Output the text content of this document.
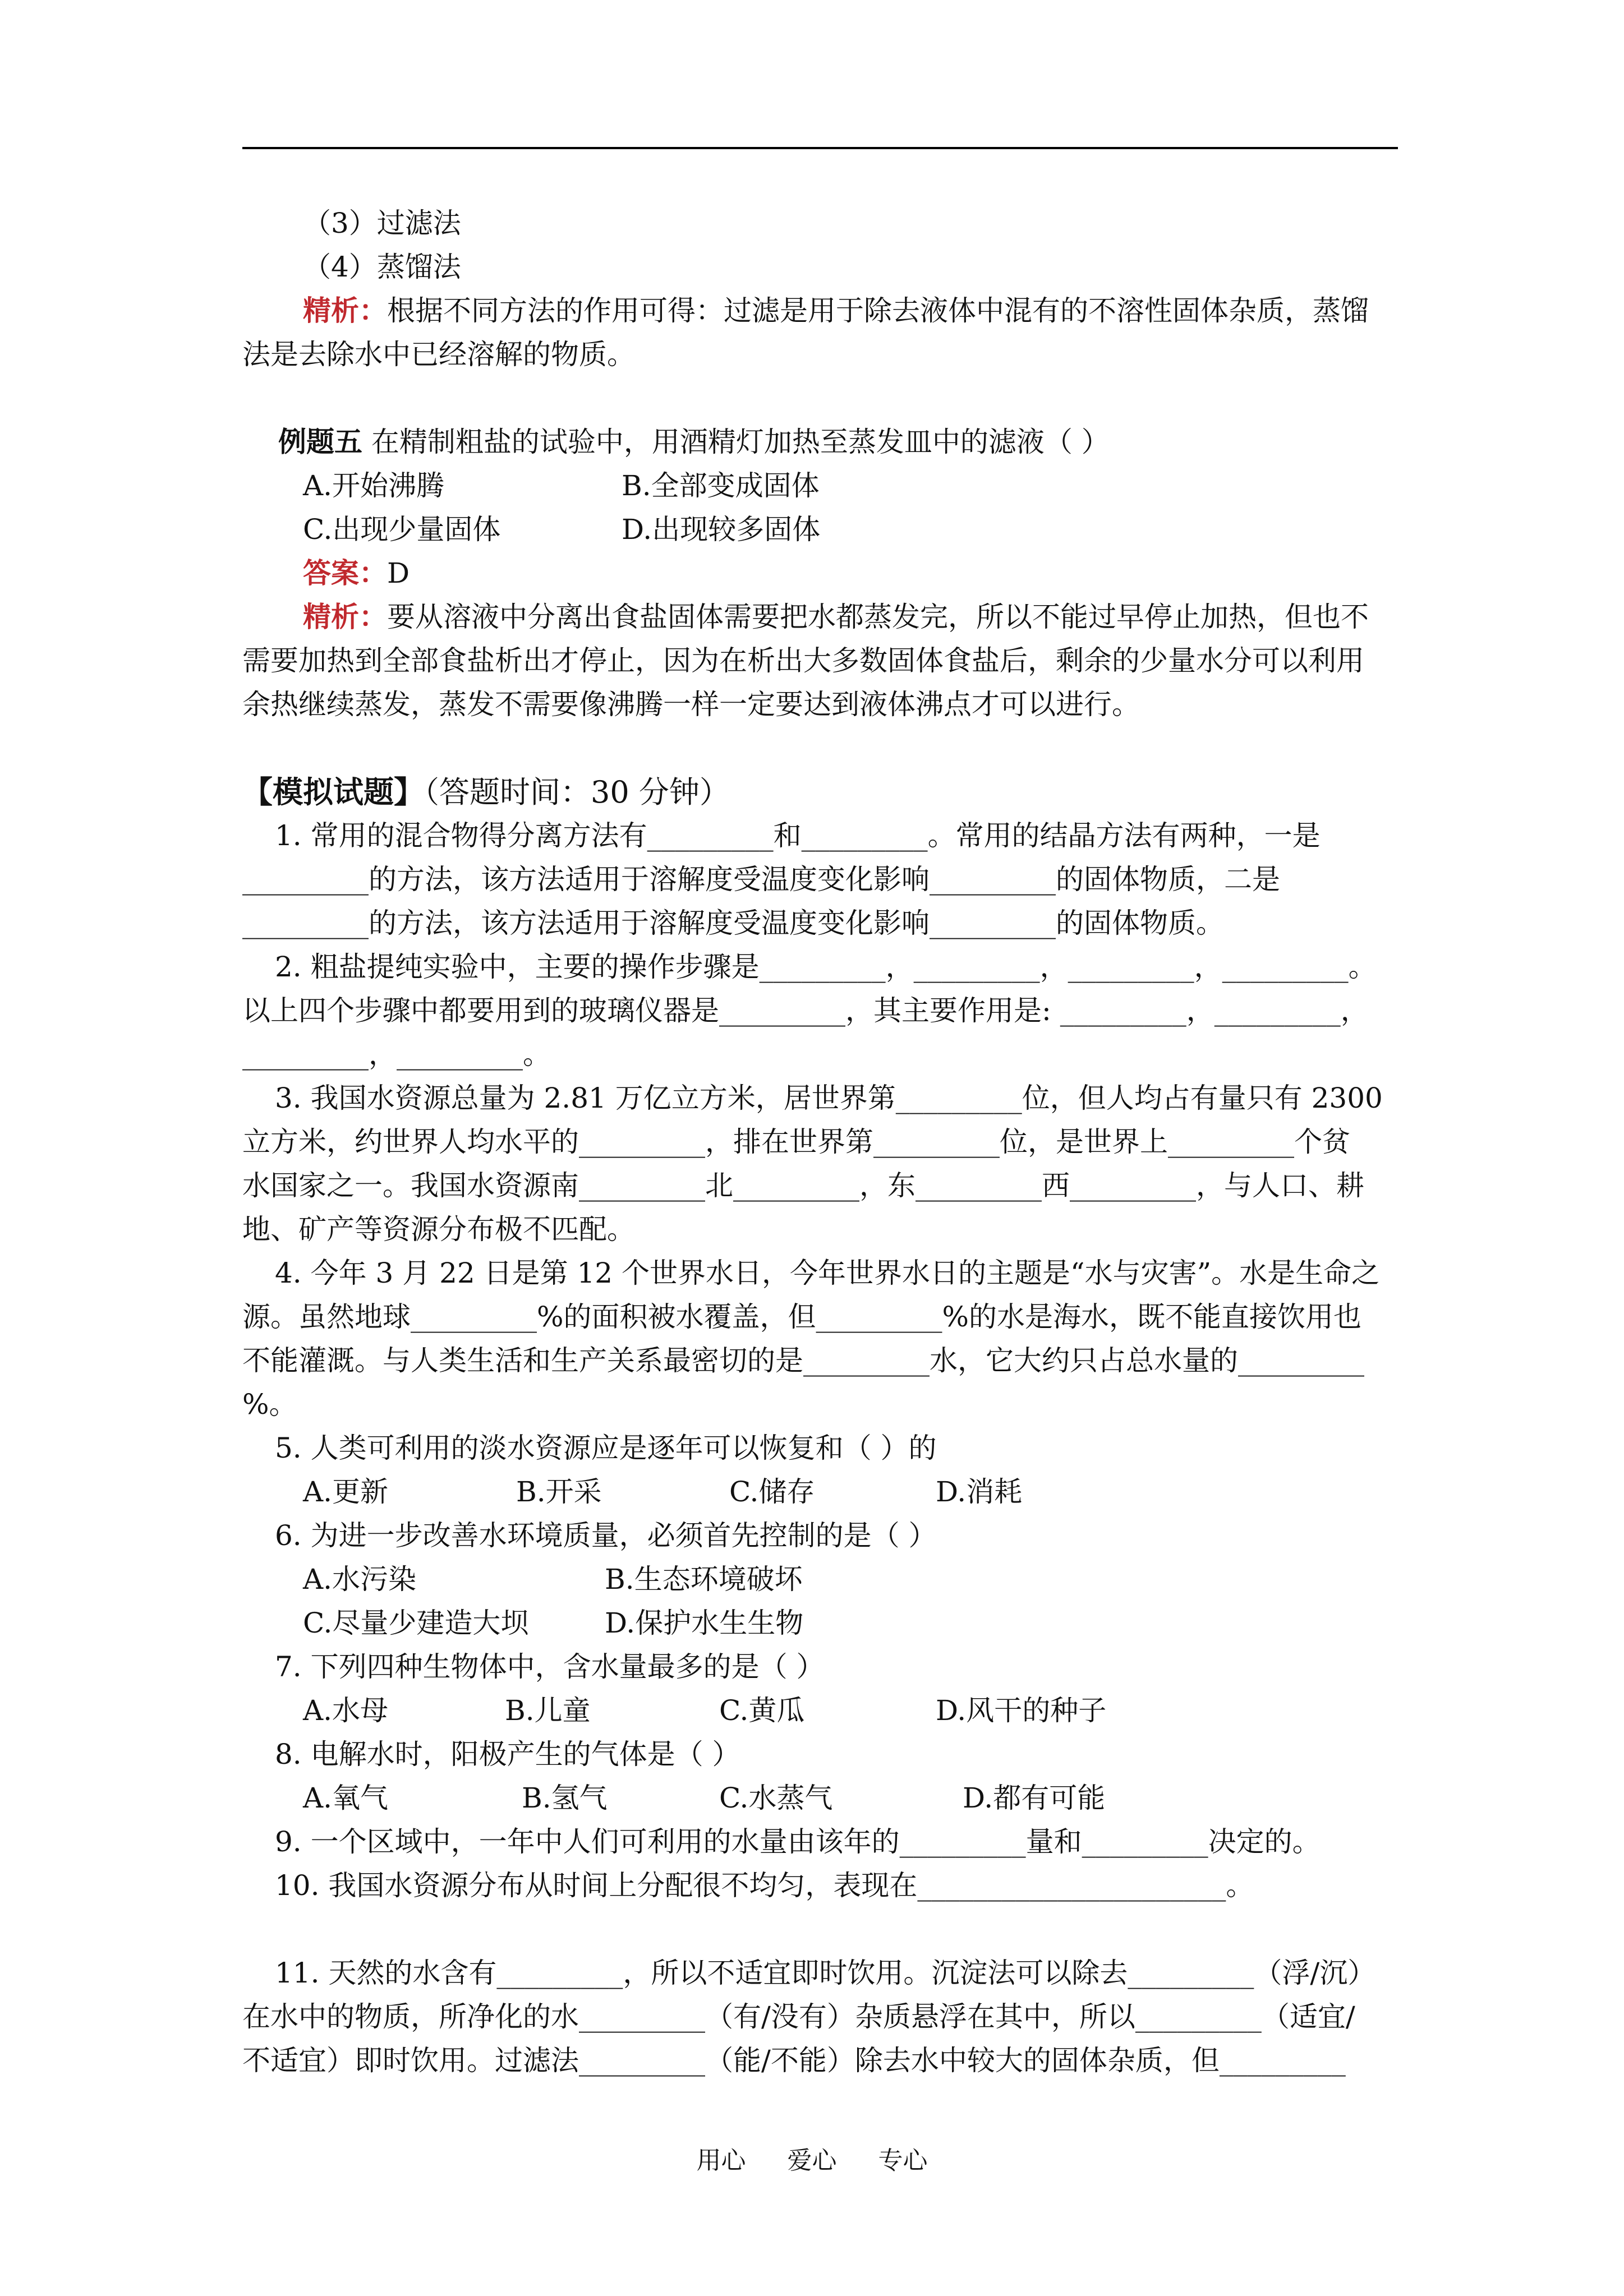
（3）过滤法
（4）蒸馏法
精析：根据不同方法的作用可得：过滤是用于除去液体中混有的不溶性固体杂质，蒸馏
法是去除水中已经溶解的物质。
例题五 在精制粗盐的试验中，用酒精灯加热至蒸发皿中的滤液（ ）
A.开始沸腾	B.全部变成固体
C.出现少量固体	D.出现较多固体
答案：D
精析：要从溶液中分离出食盐固体需要把水都蒸发完，所以不能过早停止加热，但也不
需要加热到全部食盐析出才停止，因为在析出大多数固体食盐后，剩余的少量水分可以利用
余热继续蒸发，蒸发不需要像沸腾一样一定要达到液体沸点才可以进行。
【模拟试题】（答题时间：30 分钟）
1. 常用的混合物得分离方法有_________和_________。常用的结晶方法有两种，一是
_________的方法，该方法适用于溶解度受温度变化影响_________的固体物质，二是
_________的方法，该方法适用于溶解度受温度变化影响_________的固体物质。
2. 粗盐提纯实验中，主要的操作步骤是_________，_________，_________，_________。
以上四个步骤中都要用到的玻璃仪器是_________，其主要作用是: _________，_________，
_________，_________。
3. 我国水资源总量为 2.81 万亿立方米，居世界第_________位，但人均占有量只有 2300
立方米，约世界人均水平的_________，排在世界第_________位，是世界上_________个贫
水国家之一。我国水资源南_________北_________，东_________西_________，与人口、耕
地、矿产等资源分布极不匹配。
4. 今年 3 月 22 日是第 12 个世界水日，今年世界水日的主题是“水与灾害”。水是生命之
源。虽然地球_________%的面积被水覆盖，但_________%的水是海水，既不能直接饮用也
不能灌溉。与人类生活和生产关系最密切的是_________水，它大约只占总水量的_________
%。
5. 人类可利用的淡水资源应是逐年可以恢复和（ ）的
A.更新	B.开采	C.储存	D.消耗
6. 为进一步改善水环境质量，必须首先控制的是（ ）
A.水污染	B.生态环境破坏
C.尽量少建造大坝	D.保护水生生物
7. 下列四种生物体中，含水量最多的是（ ）
A.水母	B.儿童	C.黄瓜	D.风干的种子
8. 电解水时，阳极产生的气体是（ ）
A.氧气	B.氢气	C.水蒸气	D.都有可能
9. 一个区域中，一年中人们可利用的水量由该年的_________量和_________决定的。
10. 我国水资源分布从时间上分配很不均匀，表现在______________________。
11. 天然的水含有_________，所以不适宜即时饮用。沉淀法可以除去_________（浮/沉）
在水中的物质，所净化的水_________（有/没有）杂质悬浮在其中，所以_________（适宜/
不适宜）即时饮用。过滤法_________（能/不能）除去水中较大的固体杂质，但_________
用心 爱心 专心
